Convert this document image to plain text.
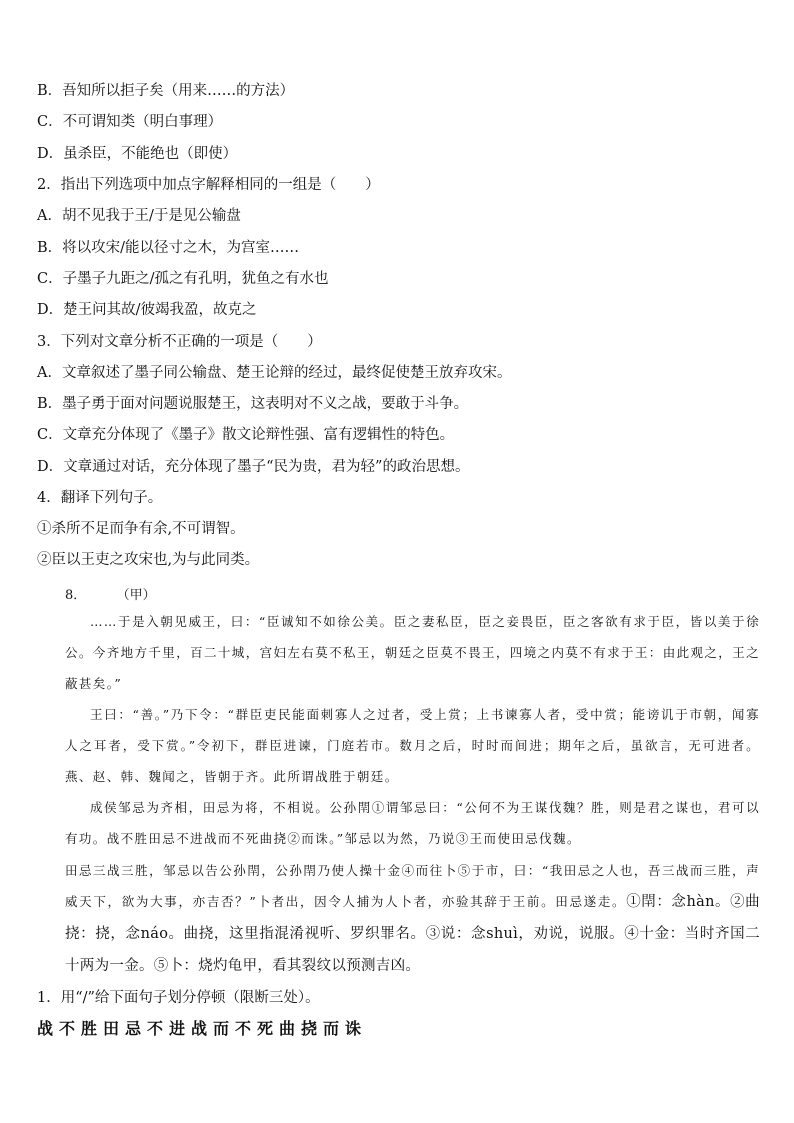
B．吾知所以拒子矣（用来……的方法）
C．不可谓知类（明白事理）
D．虽杀臣，不能绝也（即使）
2．指出下列选项中加点字解释相同的一组是（　　）
A．胡不见我于王/于是见公输盘
B．将以攻宋/能以径寸之木，为宫室……
C．子墨子九距之/孤之有孔明，犹鱼之有水也
D．楚王问其故/彼竭我盈，故克之
3．下列对文章分析不正确的一项是（　　）
A．文章叙述了墨子同公输盘、楚王论辩的经过，最终促使楚王放弃攻宋。
B．墨子勇于面对问题说服楚王，这表明对不义之战，要敢于斗争。
C．文章充分体现了《墨子》散文论辩性强、富有逻辑性的特色。
D．文章通过对话，充分体现了墨子“民为贵，君为轻”的政治思想。
4．翻译下列句子。
①杀所不足而争有余,不可谓智。
②臣以王吏之攻宋也,为与此同类。
8． （甲）

……于是入朝见威王，曰：“臣诚知不如徐公美。臣之妻私臣，臣之妾畏臣，臣之客欲有求于臣，皆以美于徐公。今齐地方千里，百二十城，宫妇左右莫不私王，朝廷之臣莫不畏王，四境之内莫不有求于王：由此观之，王之蔽甚矣。”

王曰：“善。”乃下令：“群臣吏民能面刺寡人之过者，受上赏；上书谏寡人者，受中赏；能谤讥于市朝，闻寡人之耳者，受下赏。”令初下，群臣进谏，门庭若市。数月之后，时时而间进；期年之后，虽欲言，无可进者。燕、赵、韩、魏闻之，皆朝于齐。此所谓战胜于朝廷。

成侯邹忌为齐相，田忌为将，不相说。公孙閈①谓邹忌曰：“公何不为王谋伐魏？胜，则是君之谋也，君可以有功。战不胜田忌不进战而不死曲挠②而诛。”邹忌以为然，乃说③王而使田忌伐魏。

田忌三战三胜，邹忌以告公孙閈，公孙閈乃使人操十金④而往卜⑤于市，曰：“我田忌之人也，吾三战而三胜，声威天下，欲为大事，亦吉否？”卜者出，因令人捕为人卜者，亦验其辞于王前。田忌遂走。①閈：念hàn。②曲挠：挠，念náo。曲挠，这里指混淆视听、罗织罪名。③说：念shuì，劝说，说服。④十金：当时齐国二十两为一金。⑤卜：烧灼龟甲，看其裂纹以预测吉凶。
1．用“/”给下面句子划分停顿（限断三处）。
战不胜田忌不进战而不死曲挠而诛
